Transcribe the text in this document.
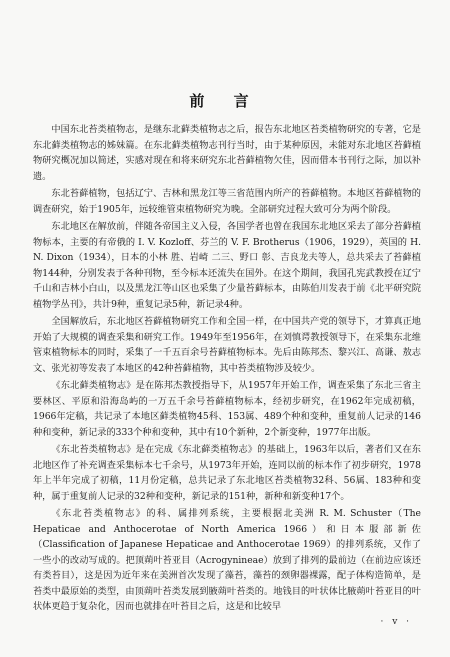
前 言

中国东北苔类植物志，是继东北藓类植物志之后，报告东北地区苔类植物研究的专著，它是东北藓类植物志的姊妹篇。在东北藓类植物志刊行当时，由于某种原因，未能对东北地区苔藓植物研究概况加以简述，实感对现在和将来研究东北苔藓植物欠佳，因而借本书刊行之际，加以补遗。

东北苔藓植物，包括辽宁、吉林和黑龙江等三省范围内所产的苔藓植物。本地区苔藓植物的调查研究，始于1905年，远较维管束植物研究为晚。全部研究过程大致可分为两个阶段。

东北地区在解放前，伴随各帝国主义入侵，各国学者也曾在我国东北地区采去了部分苔藓植物标本，主要的有帝俄的 I. V. Kozloff、芬兰的 V. F. Brotherus（1906，1929），英国的 H. N. Dixon（1934），日本的小林 胜、岩崎 二三、野口 彰、吉良龙夫等人，总共采去了苔藓植物144种，分别发表于各种刊物，至今标本还流失在国外。在这个期间，我国孔宪武教授在辽宁千山和吉林小白山，以及黑龙江等山区也采集了少量苔藓标本，由陈伯川发表于前《北平研究院植物学丛刊》，共计9种，重复记录5种，新记录4种。

全国解放后，东北地区苔藓植物研究工作和全国一样，在中国共产党的领导下，才算真正地开始了大规模的调查采集和研究工作。1949年至1956年，在刘慎谔教授领导下，在采集东北维管束植物标本的同时，采集了一千五百余号苔藓植物标本。先后由陈邦杰、黎兴江、高谦、敖志文、张光初等发表了本地区的42种苔藓植物，其中苔类植物涉及较少。

《东北藓类植物志》是在陈邦杰教授指导下，从1957年开始工作，调查采集了东北三省主要林区、平原和沿海岛屿的一万五千余号苔藓植物标本，经初步研究，在1962年完成初稿，1966年定稿，共记录了本地区藓类植物45科、153属、489个种和变种，重复前人记录的146种和变种，新记录的333个种和变种，其中有10个新种，2个新变种，1977年出版。

《东北苔类植物志》是在完成《东北藓类植物志》的基础上，1963年以后，著者们又在东北地区作了补充调查采集标本七千余号，从1973年开始，连同以前的标本作了初步研究，1978年上半年完成了初稿，11月份定稿，总共记录了东北地区苔类植物32科、56属、183种和变种，属于重复前人记录的32种和变种，新记录的151种，新种和新变种17个。

《东北苔类植物志》的科、属排列系统，主要根据北美洲 R. M. Schuster（The Hepaticae and Anthocerotae of North America 1966）和日本服部新佐（Classification of Japanese Hepaticae and Anthocerotae 1969）的排列系统，又作了一些小的改动写成的。把顶蒴叶苔亚目（Acrogynineae）放到了排列的最前边（在前边应该还有类苔目），这是因为近年来在美洲首次发现了藻苔，藻苔的颈卵器裸露，配子体构造简单，是苔类中最原始的类型，由顶蒴叶苔类发展到腋蒴叶苔类的。地钱目的叶状体比腋蒴叶苔亚目的叶状体更趋于复杂化，因而也就排在叶苔目之后，这是和比较早

· v ·
